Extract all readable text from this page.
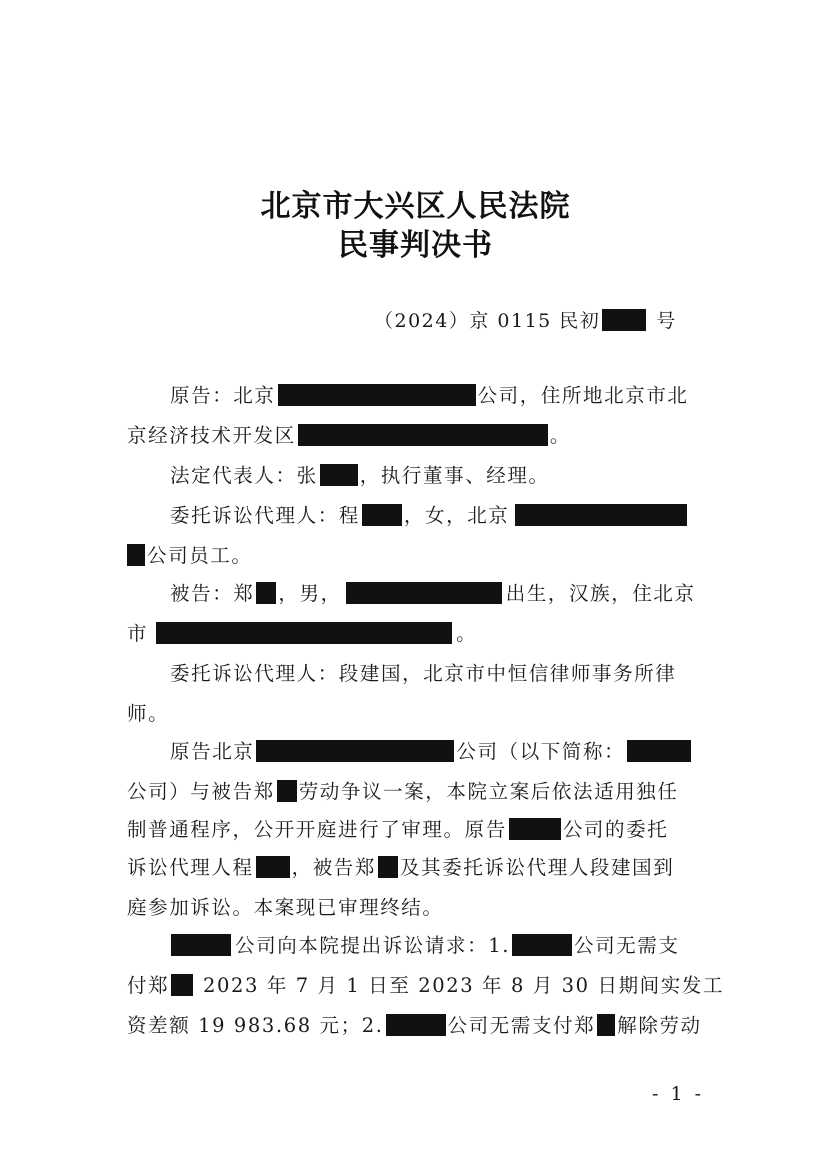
北京市大兴区人民法院
民事判决书
（2024）京 0115 民初	号
原告：北京	公司，住所地北京市北
京经济技术开发区	。
法定代表人：张 ，执行董事、经理。
委托诉讼代理人：程 ，女，北京
公司员工。
被告：郑 ，男，	出生，汉族，住北京
市	。
委托诉讼代理人：段建国，北京市中恒信律师事务所律
师。
原告北京	公司（以下简称：
公司）与被告郑 劳动争议一案，本院立案后依法适用独任
制普通程序，公开开庭进行了审理。原告	公司的委托
诉讼代理人程 ，被告郑 及其委托诉讼代理人段建国到
庭参加诉讼。本案现已审理终结。
公司向本院提出诉讼请求：1.	公司无需支
付郑 2023 年 7 月 1 日至 2023 年 8 月 30 日期间实发工
资差额 19 983.68 元；2.	公司无需支付郑 解除劳动
- 1 -
